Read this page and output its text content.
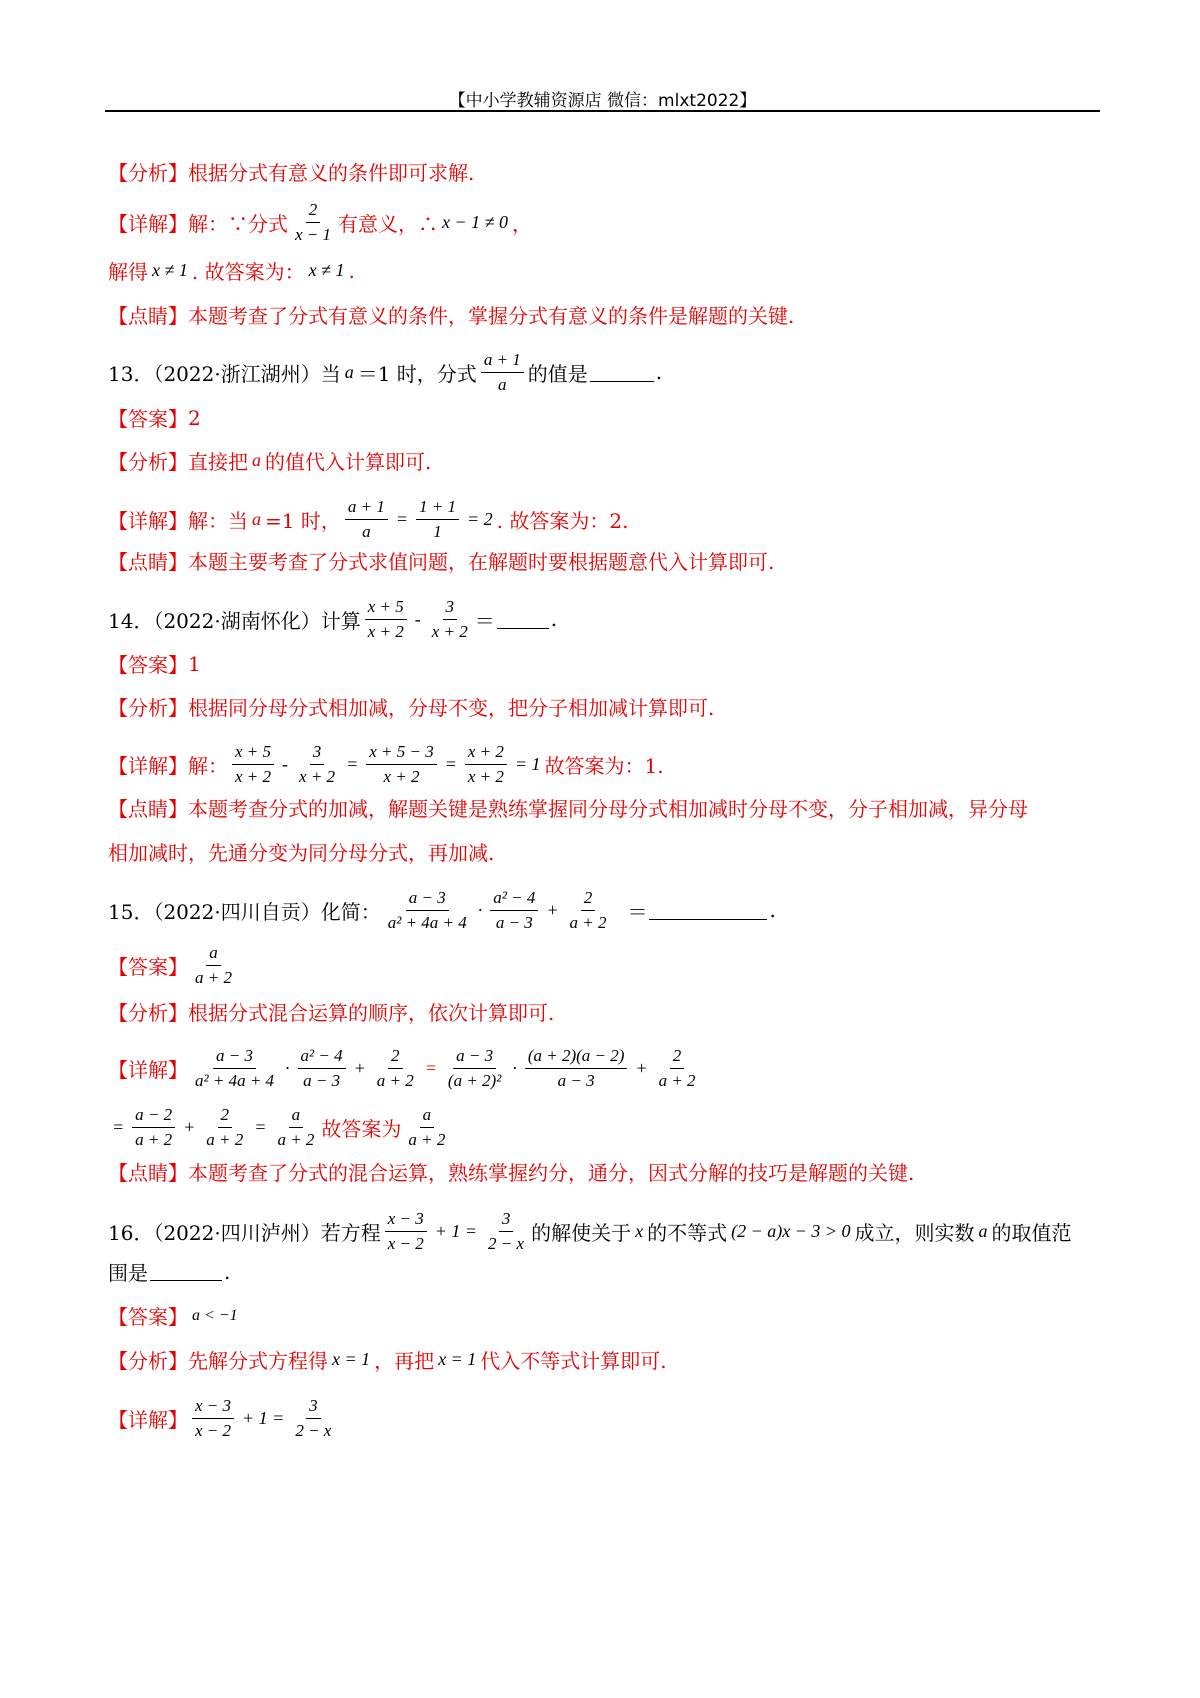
【中小学教辅资源店 微信：mlxt2022】
【分析】 根据分式有意义的条件即可求解.
【详解】 解：∵分式 $\frac{2}{x - 1}$ 有意义，∴ x − 1 ≠ 0 ，
解得 x ≠ 1 . 故答案为： x ≠ 1 .
【点睛】 本题考查了分式有意义的条件，掌握分式有意义的条件是解题的关键.
13．（2022·浙江湖州）当 a ＝1 时，分式 $\frac{a + 1}{a}$ 的值是	.
【答案】 2
【分析】 直接把 a 的值代入计算即可.
【详解】 解：当 a =1 时， $\frac{a + 1}{a} = \frac{1 + 1}{1} = 2$ . 故答案为：2.
【点睛】 本题主要考查了分式求值问题，在解题时要根据题意代入计算即可.
14．（2022·湖南怀化）计算 $\frac{x + 5}{x + 2} - \frac{3}{x + 2}$ ＝	.
【答案】 1
【分析】 根据同分母分式相加减，分母不变，把分子相加减计算即可.
【详解】 解： $\frac{x + 5}{x + 2} - \frac{3}{x + 2} = \frac{x + 5 - 3}{x + 2} = \frac{x + 2}{x + 2} = 1$ 故答案为：1.
【点睛】 本题考查分式的加减，解题关键是熟练掌握同分母分式相加减时分母不变，分子相加减，异分母
相加减时，先通分变为同分母分式，再加减.
15．（2022·四川自贡）化简： $\frac{a - 3}{\text{a² + 4a + 4}} \cdot \frac{\text{a² − 4}}{a - 3} + \frac{2}{a + 2}$ ＝	.
【答案】 $\frac{a}{a + 2}$
【分析】 根据分式混合运算的顺序，依次计算即可.
【详解】 $\frac{a - 3}{\text{a² + 4a + 4}} \cdot \frac{\text{a² − 4}}{a - 3} + \frac{2}{a + 2} = \frac{a - 3}{\text{(a + 2)²}} \cdot \frac{(a + 2)(a - 2)}{a - 3} + \frac{2}{a + 2}$
= $\frac{a - 2}{a + 2} + \frac{2}{a + 2} = \frac{a}{a + 2}$ 故答案为 $\frac{a}{a + 2}$
【点睛】 本题考查了分式的混合运算，熟练掌握约分，通分，因式分解的技巧是解题的关键.
16．（2022·四川泸州）若方程 $\frac{x - 3}{x - 2} + 1 = \frac{3}{2 - x}$ 的解使关于 x 的不等式 (2 − a)x − 3 > 0 成立，则实数 a 的取值范
围是	.
【答案】 a < −1
【分析】 先解分式方程得 x = 1 ，再把 x = 1 代入不等式计算即可.
【详解】 $\frac{x - 3}{x - 2} + 1 = \frac{3}{2 - x}$
